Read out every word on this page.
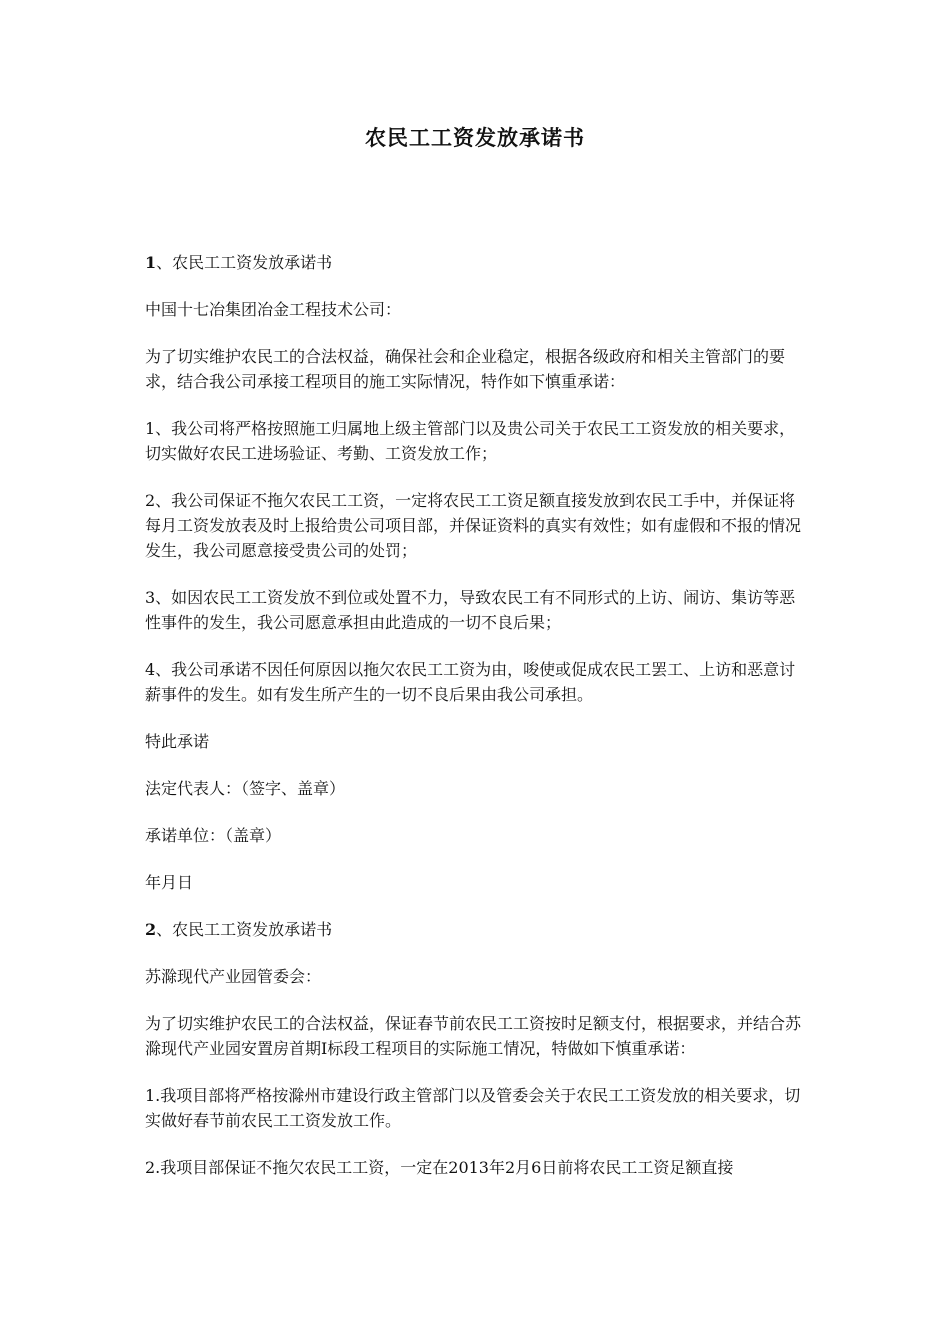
农民工工资发放承诺书
1、农民工工资发放承诺书

中国十七冶集团冶金工程技术公司：

为了切实维护农民工的合法权益，确保社会和企业稳定，根据各级政府和相关主管部门的要求，结合我公司承接工程项目的施工实际情况，特作如下慎重承诺：

1、我公司将严格按照施工归属地上级主管部门以及贵公司关于农民工工资发放的相关要求，切实做好农民工进场验证、考勤、工资发放工作；

2、我公司保证不拖欠农民工工资，一定将农民工工资足额直接发放到农民工手中，并保证将每月工资发放表及时上报给贵公司项目部，并保证资料的真实有效性；如有虚假和不报的情况发生，我公司愿意接受贵公司的处罚；

3、如因农民工工资发放不到位或处置不力，导致农民工有不同形式的上访、闹访、集访等恶性事件的发生，我公司愿意承担由此造成的一切不良后果；

4、我公司承诺不因任何原因以拖欠农民工工资为由，唆使或促成农民工罢工、上访和恶意讨薪事件的发生。如有发生所产生的一切不良后果由我公司承担。

特此承诺

法定代表人：（签字、盖章）

承诺单位：（盖章）

年月日

2、农民工工资发放承诺书

苏滁现代产业园管委会：

为了切实维护农民工的合法权益，保证春节前农民工工资按时足额支付，根据要求，并结合苏滁现代产业园安置房首期Ⅰ标段工程项目的实际施工情况，特做如下慎重承诺：

1.我项目部将严格按滁州市建设行政主管部门以及管委会关于农民工工资发放的相关要求，切实做好春节前农民工工资发放工作。

2.我项目部保证不拖欠农民工工资，一定在2013年2月6日前将农民工工资足额直接
